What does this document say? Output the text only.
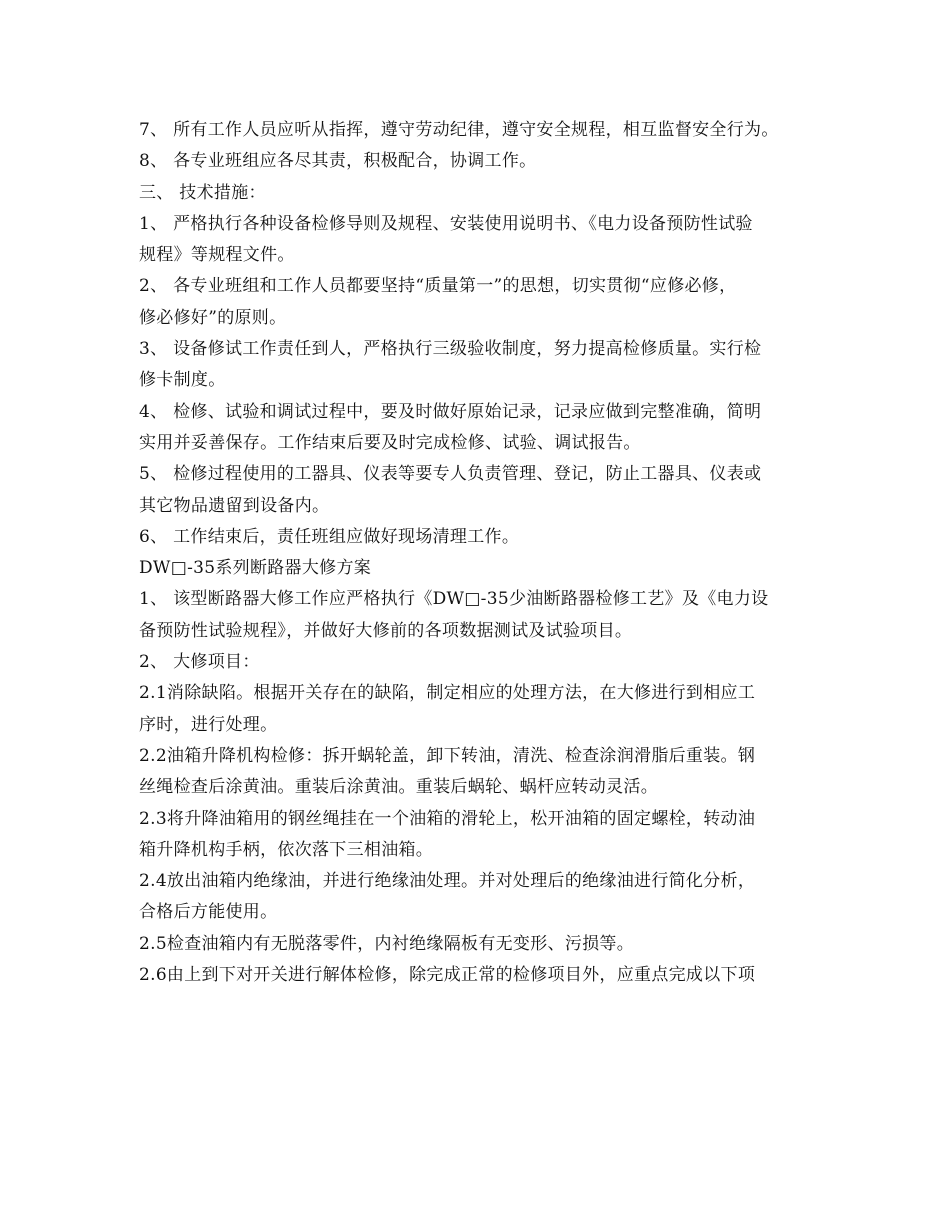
7、 所有工作人员应听从指挥，遵守劳动纪律，遵守安全规程，相互监督安全行为。
8、 各专业班组应各尽其责，积极配合，协调工作。
三、 技术措施：
1、 严格执行各种设备检修导则及规程、安装使用说明书、《电力设备预防性试验
规程》等规程文件。
2、 各专业班组和工作人员都要坚持“质量第一”的思想，切实贯彻“应修必修，
修必修好”的原则。
3、 设备修试工作责任到人，严格执行三级验收制度，努力提高检修质量。实行检
修卡制度。
4、 检修、试验和调试过程中，要及时做好原始记录，记录应做到完整准确，简明
实用并妥善保存。工作结束后要及时完成检修、试验、调试报告。
5、 检修过程使用的工器具、仪表等要专人负责管理、登记，防止工器具、仪表或
其它物品遗留到设备内。
6、 工作结束后，责任班组应做好现场清理工作。
DW□-35系列断路器大修方案
1、 该型断路器大修工作应严格执行《DW□-35少油断路器检修工艺》及《电力设
备预防性试验规程》，并做好大修前的各项数据测试及试验项目。
2、 大修项目：
2.1消除缺陷。根据开关存在的缺陷，制定相应的处理方法，在大修进行到相应工
序时，进行处理。
2.2油箱升降机构检修：拆开蜗轮盖，卸下转油，清洗、检查涂润滑脂后重装。钢
丝绳检查后涂黄油。重装后涂黄油。重装后蜗轮、蜗杆应转动灵活。
2.3将升降油箱用的钢丝绳挂在一个油箱的滑轮上，松开油箱的固定螺栓，转动油
箱升降机构手柄，依次落下三相油箱。
2.4放出油箱内绝缘油，并进行绝缘油处理。并对处理后的绝缘油进行简化分析，
合格后方能使用。
2.5检查油箱内有无脱落零件，内衬绝缘隔板有无变形、污损等。
2.6由上到下对开关进行解体检修，除完成正常的检修项目外，应重点完成以下项
